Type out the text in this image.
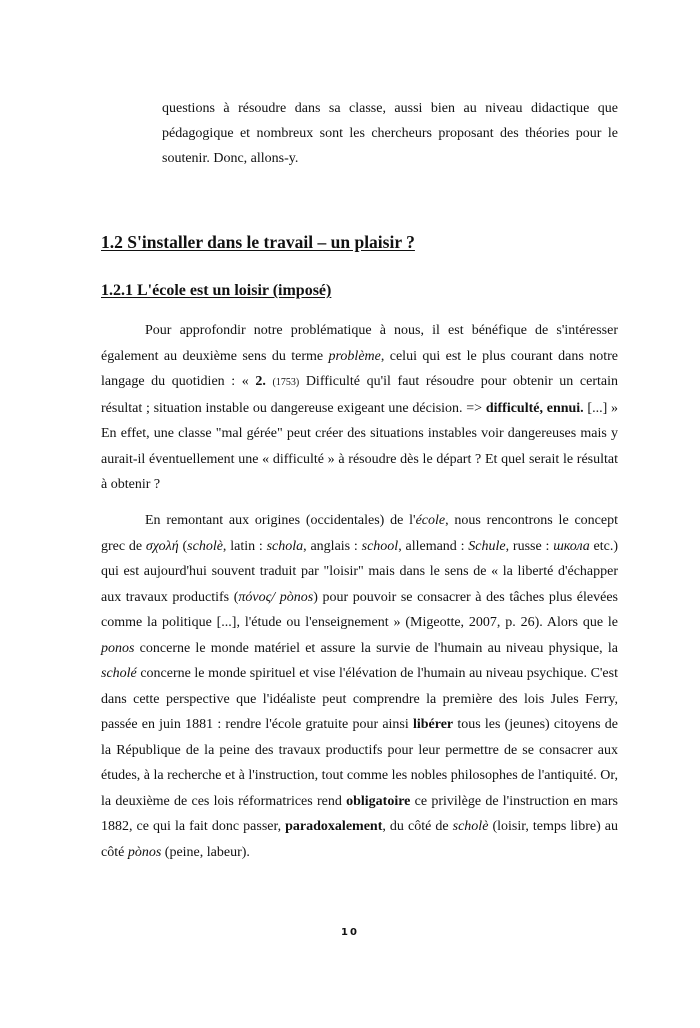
questions à résoudre dans sa classe, aussi bien au niveau didactique que pédagogique et nombreux sont les chercheurs proposant des théories pour le soutenir. Donc, allons-y.
1.2 S'installer dans le travail – un plaisir ?
1.2.1 L'école est un loisir (imposé)

Pour approfondir notre problématique à nous, il est bénéfique de s'intéresser également au deuxième sens du terme problème, celui qui est le plus courant dans notre langage du quotidien : « 2. (1753) Difficulté qu'il faut résoudre pour obtenir un certain résultat ; situation instable ou dangereuse exigeant une décision. => difficulté, ennui. [...] » En effet, une classe "mal gérée" peut créer des situations instables voir dangereuses mais y aurait-il éventuellement une « difficulté » à résoudre dès le départ ? Et quel serait le résultat à obtenir ?

En remontant aux origines (occidentales) de l'école, nous rencontrons le concept grec de σχολή (scholè, latin : schola, anglais : school, allemand : Schule, russe : школа etc.) qui est aujourd'hui souvent traduit par "loisir" mais dans le sens de « la liberté d'échapper aux travaux productifs (πόνος/ pònos) pour pouvoir se consacrer à des tâches plus élevées comme la politique [...], l'étude ou l'enseignement » (Migeotte, 2007, p. 26). Alors que le ponos concerne le monde matériel et assure la survie de l'humain au niveau physique, la scholé concerne le monde spirituel et vise l'élévation de l'humain au niveau psychique. C'est dans cette perspective que l'idéaliste peut comprendre la première des lois Jules Ferry, passée en juin 1881 : rendre l'école gratuite pour ainsi libérer tous les (jeunes) citoyens de la République de la peine des travaux productifs pour leur permettre de se consacrer aux études, à la recherche et à l'instruction, tout comme les nobles philosophes de l'antiquité. Or, la deuxième de ces lois réformatrices rend obligatoire ce privilège de l'instruction en mars 1882, ce qui la fait donc passer, paradoxalement, du côté de scholè (loisir, temps libre) au côté pònos (peine, labeur).

10
